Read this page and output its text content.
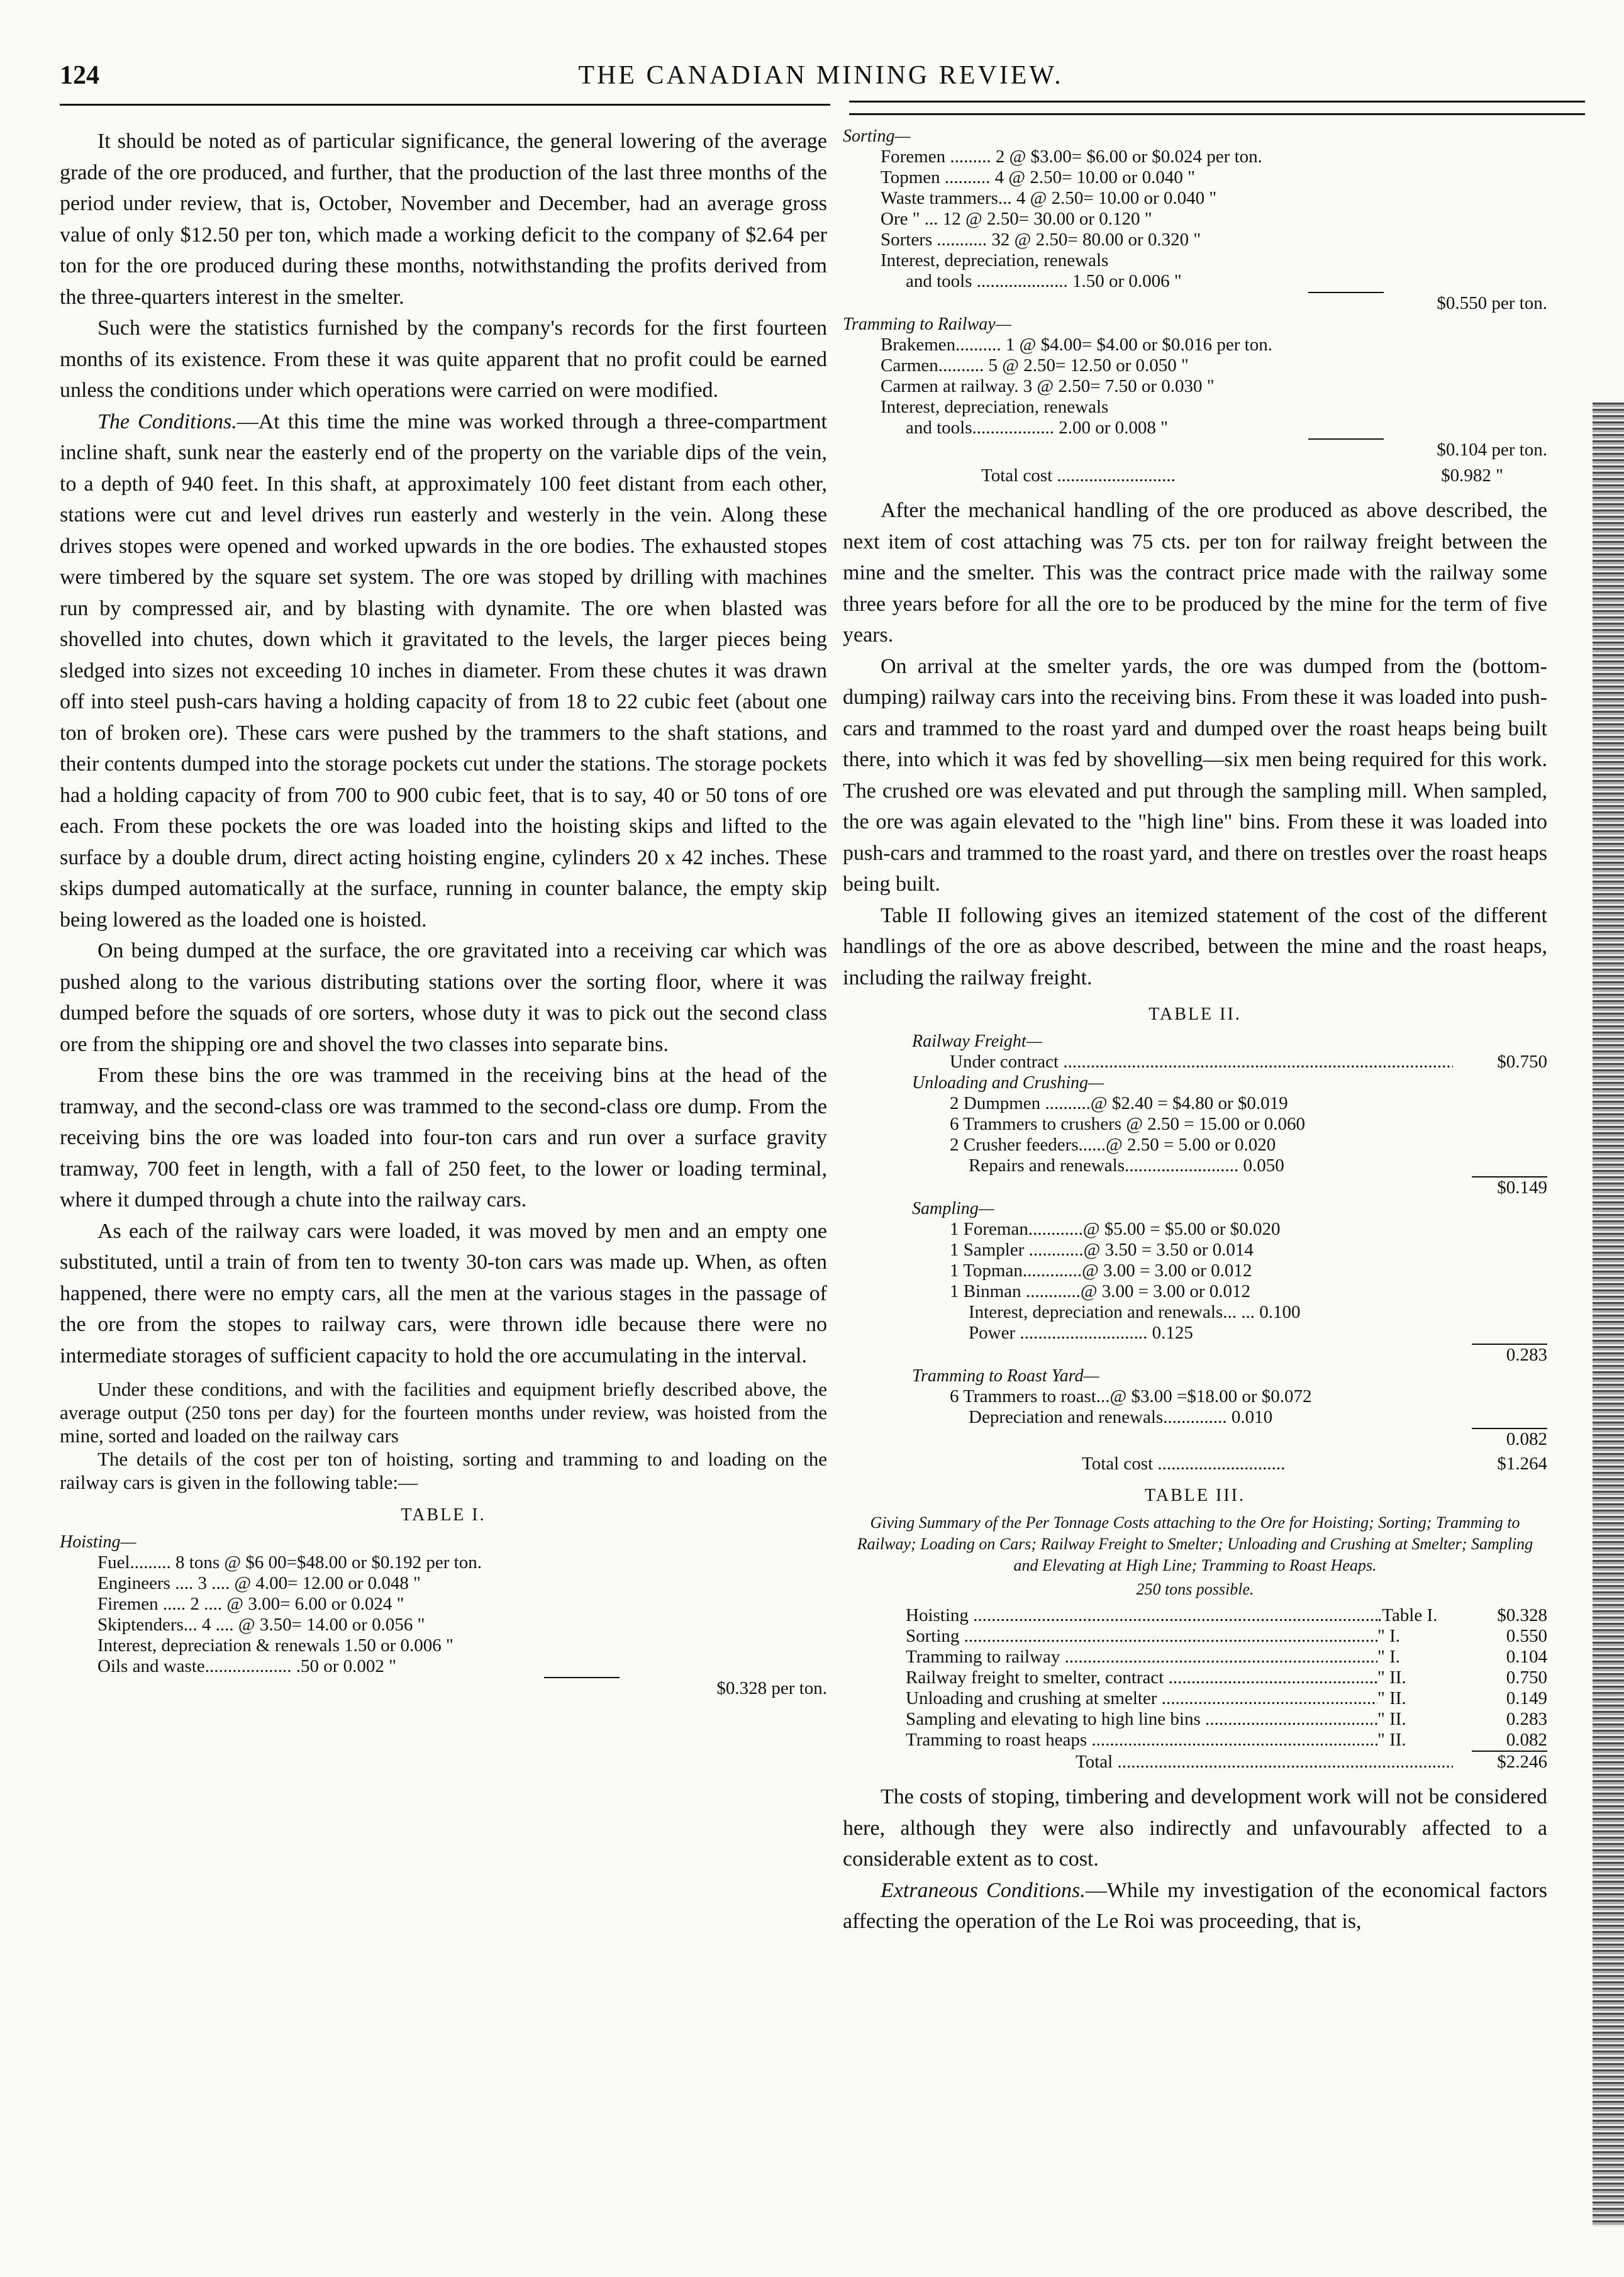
124	THE CANADIAN MINING REVIEW.

It should be noted as of particular significance, the general lowering of the average grade of the ore produced, and further, that the production of the last three months of the period under review, that is, October, November and December, had an average gross value of only $12.50 per ton, which made a working deficit to the company of $2.64 per ton for the ore produced during these months, notwithstanding the profits derived from the three-quarters interest in the smelter.

Such were the statistics furnished by the company's records for the first fourteen months of its existence. From these it was quite apparent that no profit could be earned unless the conditions under which operations were carried on were modified.

The Conditions.—At this time the mine was worked through a three-compartment incline shaft, sunk near the easterly end of the property on the variable dips of the vein, to a depth of 940 feet. In this shaft, at approximately 100 feet distant from each other, stations were cut and level drives run easterly and westerly in the vein. Along these drives stopes were opened and worked upwards in the ore bodies. The exhausted stopes were timbered by the square set system. The ore was stoped by drilling with machines run by compressed air, and by blasting with dynamite. The ore when blasted was shovelled into chutes, down which it gravitated to the levels, the larger pieces being sledged into sizes not exceeding 10 inches in diameter. From these chutes it was drawn off into steel push-cars having a holding capacity of from 18 to 22 cubic feet (about one ton of broken ore). These cars were pushed by the trammers to the shaft stations, and their contents dumped into the storage pockets cut under the stations. The storage pockets had a holding capacity of from 700 to 900 cubic feet, that is to say, 40 or 50 tons of ore each. From these pockets the ore was loaded into the hoisting skips and lifted to the surface by a double drum, direct acting hoisting engine, cylinders 20 x 42 inches. These skips dumped automatically at the surface, running in counter balance, the empty skip being lowered as the loaded one is hoisted.

On being dumped at the surface, the ore gravitated into a receiving car which was pushed along to the various distributing stations over the sorting floor, where it was dumped before the squads of ore sorters, whose duty it was to pick out the second class ore from the shipping ore and shovel the two classes into separate bins.

From these bins the ore was trammed in the receiving bins at the head of the tramway, and the second-class ore was trammed to the second-class ore dump. From the receiving bins the ore was loaded into four-ton cars and run over a surface gravity tramway, 700 feet in length, with a fall of 250 feet, to the lower or loading terminal, where it dumped through a chute into the railway cars.

As each of the railway cars were loaded, it was moved by men and an empty one substituted, until a train of from ten to twenty 30-ton cars was made up. When, as often happened, there were no empty cars, all the men at the various stages in the passage of the ore from the stopes to railway cars, were thrown idle because there were no intermediate storages of sufficient capacity to hold the ore accumulating in the interval.

Under these conditions, and with the facilities and equipment briefly described above, the average output (250 tons per day) for the fourteen months under review, was hoisted from the mine, sorted and loaded on the railway cars

The details of the cost per ton of hoisting, sorting and tramming to and loading on the railway cars is given in the following table:—

TABLE I.
Hoisting—
Fuel......... 8 tons @ $6 00=$48.00 or $0.192 per ton.
Engineers .... 3 .... @ 4.00= 12.00 or 0.048 "
Firemen ..... 2 .... @ 3.00= 6.00 or 0.024 "
Skiptenders... 4 .... @ 3.50= 14.00 or 0.056 "
Interest, depreciation & renewals 1.50 or 0.006 "
Oils and waste................... .50 or 0.002 "
$0.328 per ton.
Sorting—
Foremen ......... 2 @ $3.00= $6.00 or $0.024 per ton.
Topmen .......... 4 @ 2.50= 10.00 or 0.040 "
Waste trammers... 4 @ 2.50= 10.00 or 0.040 "
Ore " ... 12 @ 2.50= 30.00 or 0.120 "
Sorters ........... 32 @ 2.50= 80.00 or 0.320 "
Interest, depreciation, renewals
and tools .................... 1.50 or 0.006 "
$0.550 per ton.
Tramming to Railway—
Brakemen.......... 1 @ $4.00= $4.00 or $0.016 per ton.
Carmen.......... 5 @ 2.50= 12.50 or 0.050 "
Carmen at railway. 3 @ 2.50= 7.50 or 0.030 "
Interest, depreciation, renewals
and tools.................. 2.00 or 0.008 "
$0.104 per ton.
Total cost ..........................	$0.982 "

After the mechanical handling of the ore produced as above described, the next item of cost attaching was 75 cts. per ton for railway freight between the mine and the smelter. This was the contract price made with the railway some three years before for all the ore to be produced by the mine for the term of five years.

On arrival at the smelter yards, the ore was dumped from the (bottom-dumping) railway cars into the receiving bins. From these it was loaded into push-cars and trammed to the roast yard and dumped over the roast heaps being built there, into which it was fed by shovelling—six men being required for this work. The crushed ore was elevated and put through the sampling mill. When sampled, the ore was again elevated to the "high line" bins. From these it was loaded into push-cars and trammed to the roast yard, and there on trestles over the roast heaps being built.

Table II following gives an itemized statement of the cost of the different handlings of the ore as above described, between the mine and the roast heaps, including the railway freight.

TABLE II.
Railway Freight—
Under contract .....	$0.750
Unloading and Crushing—
2 Dumpmen ..........@ $2.40 = $4.80 or $0.019
6 Trammers to crushers @ 2.50 = 15.00 or 0.060
2 Crusher feeders......@ 2.50 = 5.00 or 0.020
Repairs and renewals......................... 0.050
$0.149
Sampling—
1 Foreman............@ $5.00 = $5.00 or $0.020
1 Sampler ............@ 3.50 = 3.50 or 0.014
1 Topman.............@ 3.00 = 3.00 or 0.012
1 Binman ............@ 3.00 = 3.00 or 0.012
Interest, depreciation and renewals... ... 0.100
Power ............................ 0.125
0.283
Tramming to Roast Yard—
6 Trammers to roast...@ $3.00 =$18.00 or $0.072
Depreciation and renewals.............. 0.010
0.082
Total cost ............................	$1.264
TABLE III.
Giving Summary of the Per Tonnage Costs attaching to the Ore for Hoisting; Sorting; Tramming to Railway; Loading on Cars; Railway Freight to Smelter; Unloading and Crushing at Smelter; Sampling and Elevating at High Line; Tramming to Roast Heaps.
250 tons possible.
Hoisting .....	.Table I.	$0.328
Sorting .....	" I.	0.550
Tramming to railway .....	" I.	0.104
Railway freight to smelter, contract .....	" II.	0.750
Unloading and crushing at smelter .....	" II.	0.149
Sampling and elevating to high line bins .....	" II.	0.283
Tramming to roast heaps .....	" II.	0.082
Total .....	$2.246

The costs of stoping, timbering and development work will not be considered here, although they were also indirectly and unfavourably affected to a considerable extent as to cost.

Extraneous Conditions.—While my investigation of the economical factors affecting the operation of the Le Roi was proceeding, that is,
